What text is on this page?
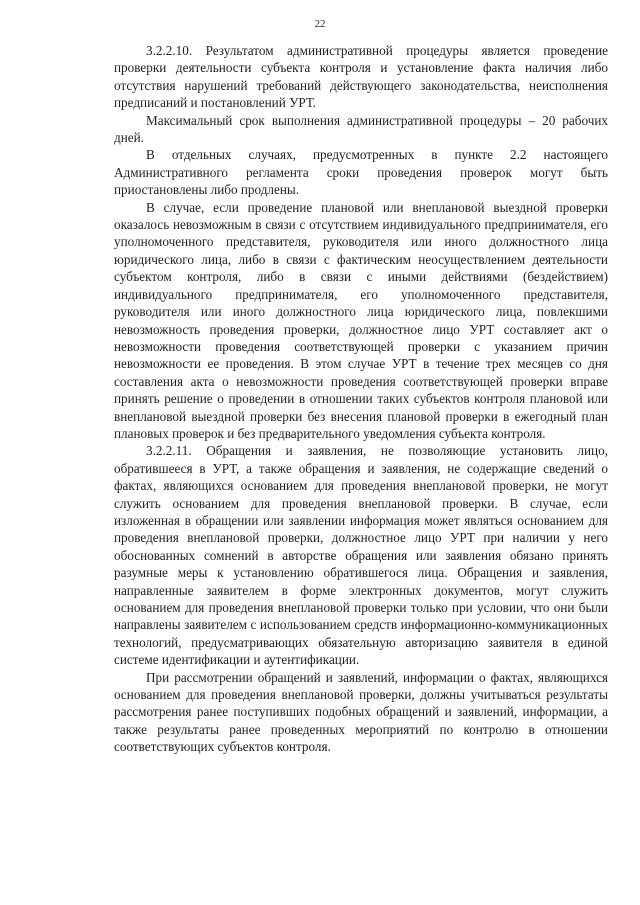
22

3.2.2.10. Результатом административной процедуры является проведение проверки деятельности субъекта контроля и установление факта наличия либо отсутствия нарушений требований действующего законодательства, неисполнения предписаний и постановлений УРТ.

Максимальный срок выполнения административной процедуры – 20 рабочих дней.

В отдельных случаях, предусмотренных в пункте 2.2 настоящего Административного регламента сроки проведения проверок могут быть приостановлены либо продлены.

В случае, если проведение плановой или внеплановой выездной проверки оказалось невозможным в связи с отсутствием индивидуального предпринимателя, его уполномоченного представителя, руководителя или иного должностного лица юридического лица, либо в связи с фактическим неосуществлением деятельности субъектом контроля, либо в связи с иными действиями (бездействием) индивидуального предпринимателя, его уполномоченного представителя, руководителя или иного должностного лица юридического лица, повлекшими невозможность проведения проверки, должностное лицо УРТ составляет акт о невозможности проведения соответствующей проверки с указанием причин невозможности ее проведения. В этом случае УРТ в течение трех месяцев со дня составления акта о невозможности проведения соответствующей проверки вправе принять решение о проведении в отношении таких субъектов контроля плановой или внеплановой выездной проверки без внесения плановой проверки в ежегодный план плановых проверок и без предварительного уведомления субъекта контроля.

3.2.2.11. Обращения и заявления, не позволяющие установить лицо, обратившееся в УРТ, а также обращения и заявления, не содержащие сведений о фактах, являющихся основанием для проведения внеплановой проверки, не могут служить основанием для проведения внеплановой проверки. В случае, если изложенная в обращении или заявлении информация может являться основанием для проведения внеплановой проверки, должностное лицо УРТ при наличии у него обоснованных сомнений в авторстве обращения или заявления обязано принять разумные меры к установлению обратившегося лица. Обращения и заявления, направленные заявителем в форме электронных документов, могут служить основанием для проведения внеплановой проверки только при условии, что они были направлены заявителем с использованием средств информационно-коммуникационных технологий, предусматривающих обязательную авторизацию заявителя в единой системе идентификации и аутентификации.

При рассмотрении обращений и заявлений, информации о фактах, являющихся основанием для проведения внеплановой проверки, должны учитываться результаты рассмотрения ранее поступивших подобных обращений и заявлений, информации, а также результаты ранее проведенных мероприятий по контролю в отношении соответствующих субъектов контроля.
